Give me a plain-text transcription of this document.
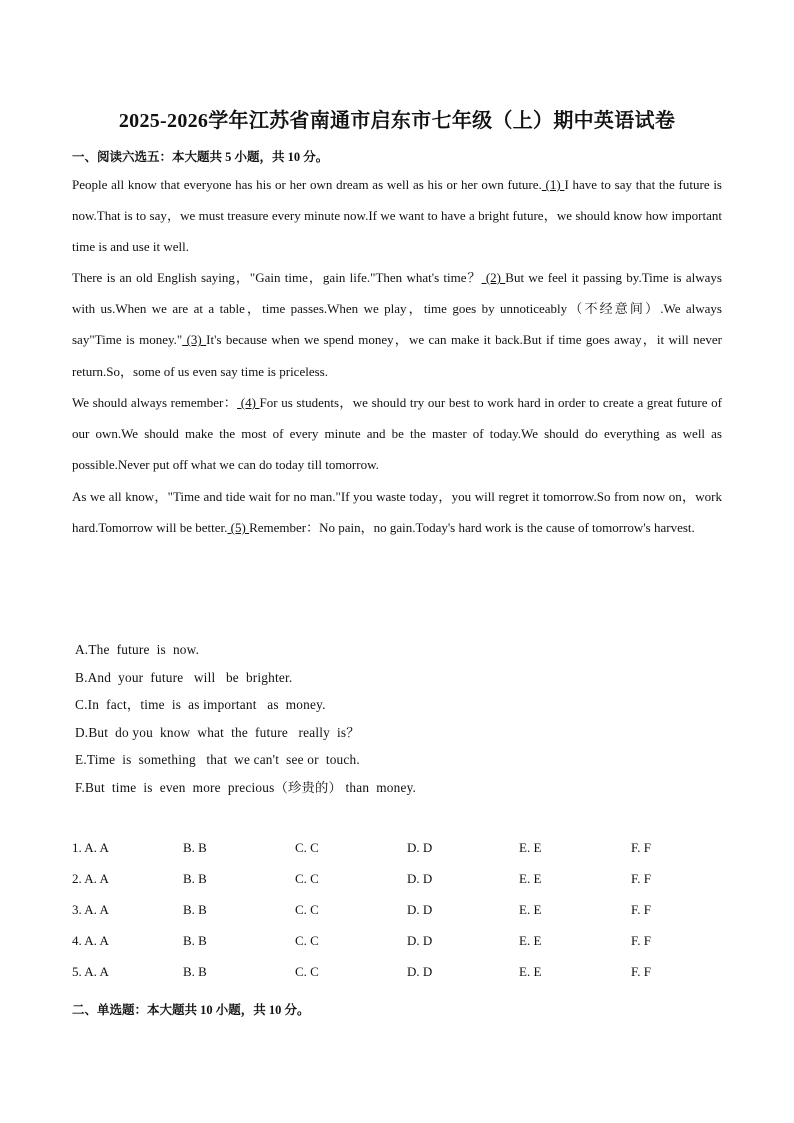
2025-2026学年江苏省南通市启东市七年级（上）期中英语试卷
一、阅读六选五：本大题共 5 小题，共 10 分。
People all know that everyone has his or her own dream as well as his or her own future. (1) I have to say that the future is now.That is to say，we must treasure every minute now.If we want to have a bright future，we should know how important time is and use it well.
There is an old English saying，"Gain time，gain life."Then what's time？ (2) But we feel it passing by.Time is always with us.When we are at a table，time passes.When we play，time goes by unnoticeably（不经意间）.We always say"Time is money." (3) It's because when we spend money，we can make it back.But if time goes away，it will never return.So，some of us even say time is priceless.
We should always remember： (4) For us students，we should try our best to work hard in order to create a great future of our own.We should make the most of every minute and be the master of today.We should do everything as well as possible.Never put off what we can do today till tomorrow.
As we all know，"Time and tide wait for no man."If you waste today，you will regret it tomorrow.So from now on，work hard.Tomorrow will be better. (5) Remember：No pain，no gain.Today's hard work is the cause of tomorrow's harvest.
A.The  future  is  now.
B.And  your  future   will   be  brighter.
C.In  fact，time  is  as important   as  money.
D.But  do you  know  what  the  future   really  is？
E.Time  is  something   that  we can't  see or  touch.
F.But  time  is  even  more  precious（珍贵的） than  money.
1. A. A	B. B	C. C	D. D	E. E	F. F
2. A. A	B. B	C. C	D. D	E. E	F. F
3. A. A	B. B	C. C	D. D	E. E	F. F
4. A. A	B. B	C. C	D. D	E. E	F. F
5. A. A	B. B	C. C	D. D	E. E	F. F
二、单选题：本大题共 10 小题，共 10 分。
